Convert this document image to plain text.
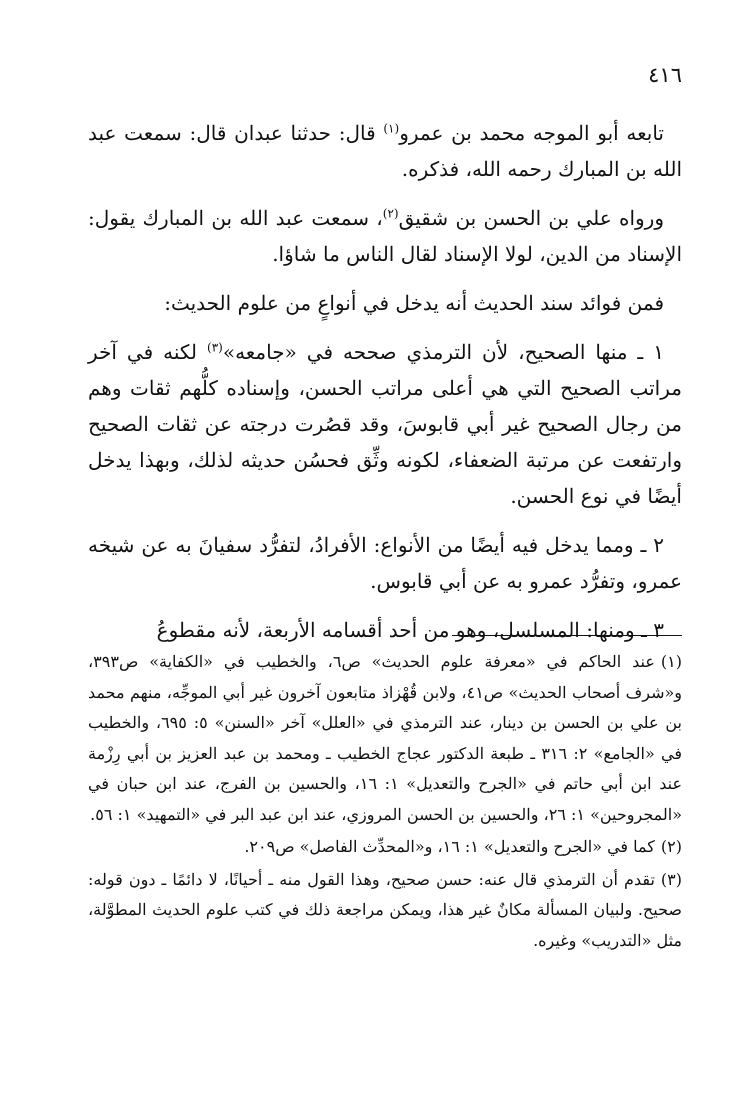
٤١٦

تابعه أبو الموجه محمد بن عمرو$^{(١)}$ قال: حدثنا عبدان قال: سمعت عبد الله بن المبارك رحمه الله، فذكره.

ورواه علي بن الحسن بن شقيق$^{(٢)}$، سمعت عبد الله بن المبارك يقول: الإسناد من الدين، لولا الإسناد لقال الناس ما شاؤا.

فمن فوائد سند الحديث أنه يدخل في أنواعٍ من علوم الحديث:

١ ـ منها الصحيح، لأن الترمذي صححه في «جامعه»$^{(٣)}$ لكنه في آخر مراتب الصحيح التي هي أعلى مراتب الحسن، وإسناده كلُّهم ثقات وهم من رجال الصحيح غير أبي قابوسَ، وقد قصُرت درجته عن ثقات الصحيح وارتفعت عن مرتبة الضعفاء، لكونه وثِّق فحسُن حديثه لذلك، وبهذا يدخل أيضًا في نوع الحسن.

٢ ـ ومما يدخل فيه أيضًا من الأنواع: الأفرادُ، لتفرُّد سفيانَ به عن شيخه عمرو، وتفرُّد عمرو به عن أبي قابوس.

٣ ـ ومنها: المسلسل، وهو من أحد أقسامه الأربعة، لأنه مقطوعُ

(١)عند الحاكم في «معرفة علوم الحديث» ص٦، والخطيب في «الكفاية» ص٣٩٣، و«شرف أصحاب الحديث» ص٤١، ولابن قُهْزاذ متابعون آخرون غير أبي الموجِّه، منهم محمد بن علي بن الحسن بن دينار، عند الترمذي في «العلل» آخر «السنن» ٥: ٦٩٥، والخطيب في «الجامع» ٢: ٣١٦ ـ طبعة الدكتور عجاج الخطيب ـ ومحمد بن عبد العزيز بن أبي رِزْمة عند ابن أبي حاتم في «الجرح والتعديل» ١: ١٦، والحسين بن الفرج، عند ابن حبان في «المجروحين» ١: ٢٦، والحسين بن الحسن المروزي، عند ابن عبد البر في «التمهيد» ١: ٥٦.

(٢)كما في «الجرح والتعديل» ١: ١٦، و«المحدِّث الفاصل» ص٢٠٩.

(٣)تقدم أن الترمذي قال عنه: حسن صحيح، وهذا القول منه ـ أحيانًا، لا دائمًا ـ دون قوله: صحيح. ولبيان المسألة مكانٌ غير هذا، ويمكن مراجعة ذلك في كتب علوم الحديث المطوَّلة، مثل «التدريب» وغيره.
